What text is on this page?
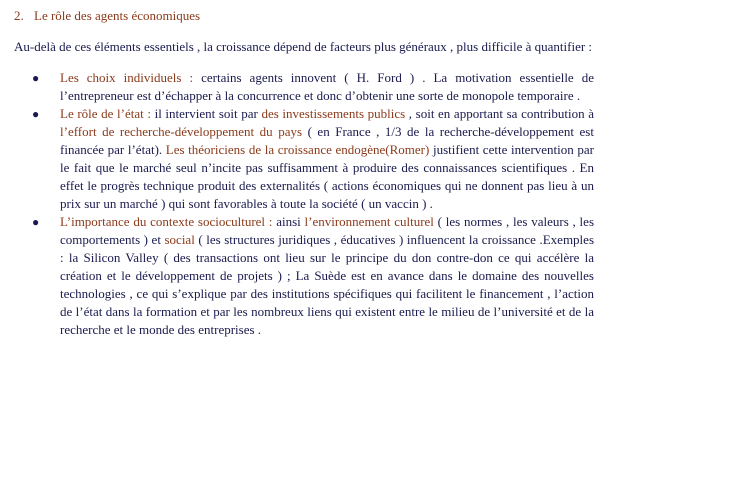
2. Le rôle des agents économiques

Au-delà de ces éléments essentiels , la croissance dépend de facteurs plus généraux , plus difficile à quantifier :

● Les choix individuels : certains agents innovent ( H. Ford ) . La motivation essentielle de l’entrepreneur est d’échapper à la concurrence et donc d’obtenir une sorte de monopole temporaire .
● Le rôle de l’état : il intervient soit par des investissements publics , soit en apportant sa contribution à l’effort de recherche-développement du pays ( en France , 1/3 de la recherche-développement est financée par l’état). Les théoriciens de la croissance endogène(Romer) justifient cette intervention par le fait que le marché seul n’incite pas suffisamment à produire des connaissances scientifiques . En effet le progrès technique produit des externalités ( actions économiques qui ne donnent pas lieu à un prix sur un marché ) qui sont favorables à toute la société ( un vaccin ) .
● L’importance du contexte socioculturel : ainsi l’environnement culturel ( les normes , les valeurs , les comportements ) et social ( les structures juridiques , éducatives ) influencent la croissance .Exemples : la Silicon Valley ( des transactions ont lieu sur le principe du don contre-don ce qui accélère la création et le développement de projets ) ; La Suède est en avance dans le domaine des nouvelles technologies , ce qui s’explique par des institutions spécifiques qui facilitent le financement , l’action de l’état dans la formation et par les nombreux liens qui existent entre le milieu de l’université et de la recherche et le monde des entreprises .
